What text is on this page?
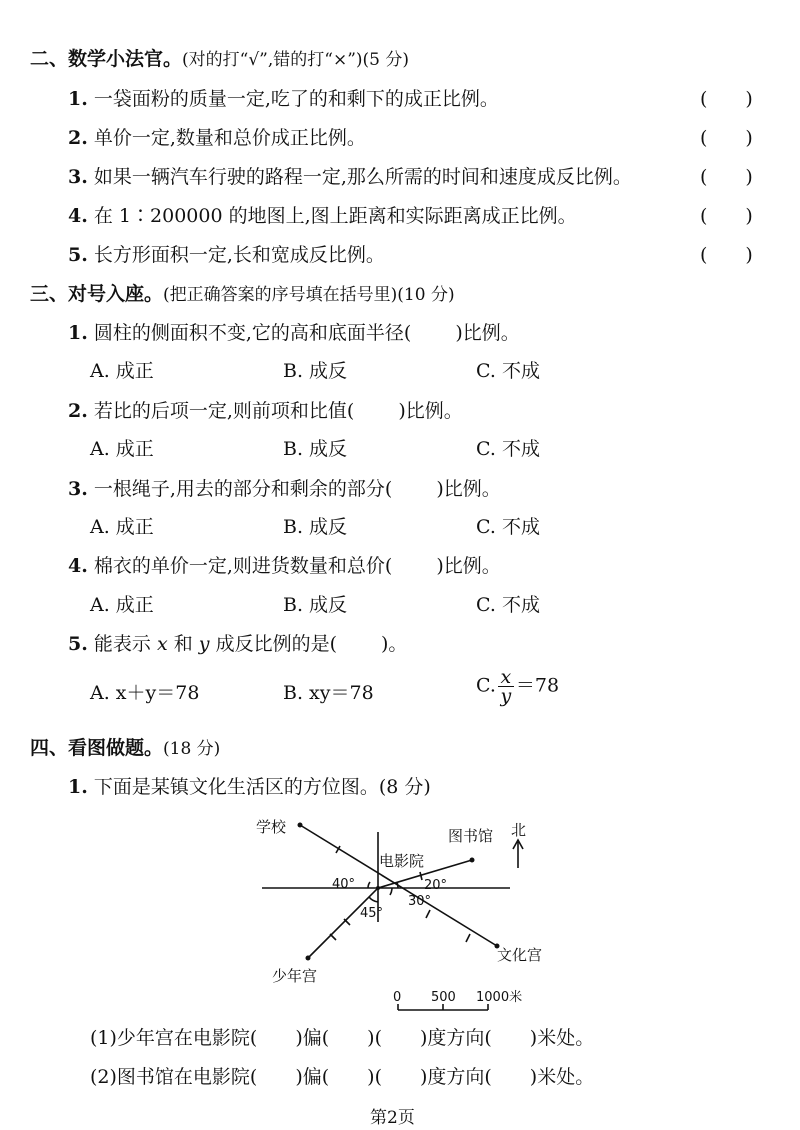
二、数学小法官。(对的打“√”,错的打“×”)(5 分)
1. 一袋面粉的质量一定,吃了的和剩下的成正比例。	(　　)
2. 单价一定,数量和总价成正比例。	(　　)
3. 如果一辆汽车行驶的路程一定,那么所需的时间和速度成反比例。	(　　)
4. 在 1∶200000 的地图上,图上距离和实际距离成正比例。	(　　)
5. 长方形面积一定,长和宽成反比例。	(　　)
三、对号入座。(把正确答案的序号填在括号里)(10 分)
1. 圆柱的侧面积不变,它的高和底面半径( )比例。
A. 成正	B. 成反	C. 不成
2. 若比的后项一定,则前项和比值( )比例。
A. 成正	B. 成反	C. 不成
3. 一根绳子,用去的部分和剩余的部分( )比例。
A. 成正	B. 成反	C. 不成
4. 棉衣的单价一定,则进货数量和总价( )比例。
A. 成正	B. 成反	C. 不成
5. 能表示 x 和 y 成反比例的是( )。
A. x＋y＝78	B. xy＝78	C. $\frac{x}{y} =78$
四、看图做题。(18 分)
1. 下面是某镇文化生活区的方位图。(8 分)
学校	图书馆 北
电影院
少年宫
文化宫
40°	20°
30°
45°
0 500 1000米
(1)少年宫在电影院(　　)偏(　　)(　　)度方向(　　)米处。
(2)图书馆在电影院(　　)偏(　　)(　　)度方向(　　)米处。
第2页
